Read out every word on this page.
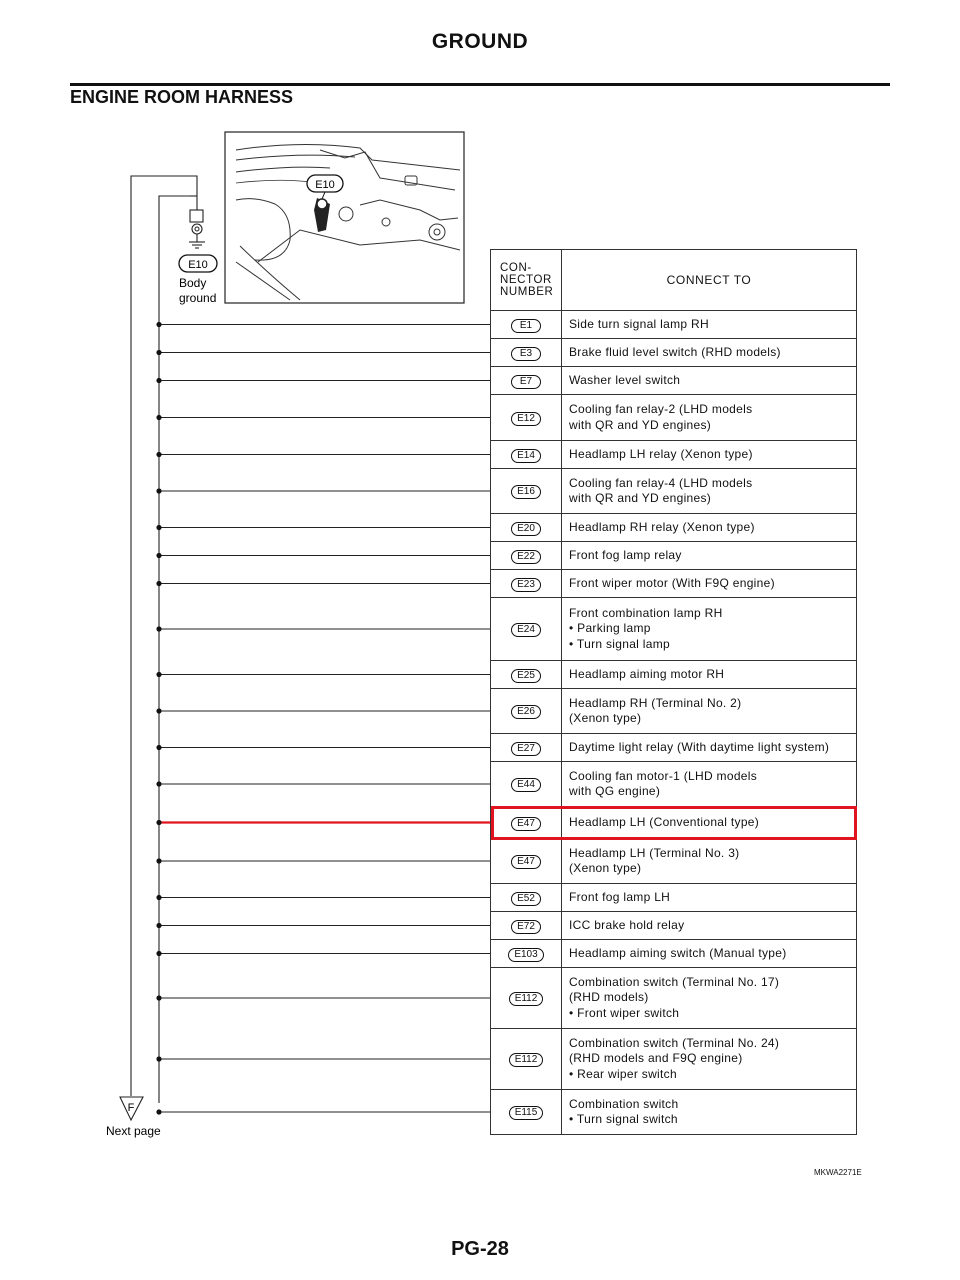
GROUND
ENGINE ROOM HARNESS
E10
E10
Body
ground
F
Next page
CON-
NECTOR
NUMBER	CONNECT TO
E1	Side turn signal lamp RH

E3	Brake fluid level switch (RHD models)

E7	Washer level switch

E12	Cooling fan relay-2 (LHD models
with QR and YD engines)

E14	Headlamp LH relay (Xenon type)

E16	Cooling fan relay-4 (LHD models
with QR and YD engines)

E20	Headlamp RH relay (Xenon type)

E22	Front fog lamp relay

E23	Front wiper motor (With F9Q engine)

E24	Front combination lamp RH
• Parking lamp
• Turn signal lamp

E25	Headlamp aiming motor RH

E26	Headlamp RH (Terminal No. 2)
(Xenon type)

E27	Daytime light relay (With daytime light system)

E44	Cooling fan motor-1 (LHD models
with QG engine)

E47	Headlamp LH (Conventional type)

E47	Headlamp LH (Terminal No. 3)
(Xenon type)

E52	Front fog lamp LH

E72	ICC brake hold relay

E103	Headlamp aiming switch (Manual type)

E112	Combination switch (Terminal No. 17)
(RHD models)
• Front wiper switch

E112	Combination switch (Terminal No. 24)
(RHD models and F9Q engine)
• Rear wiper switch

E115	Combination switch
• Turn signal switch
MKWA2271E
PG-28
